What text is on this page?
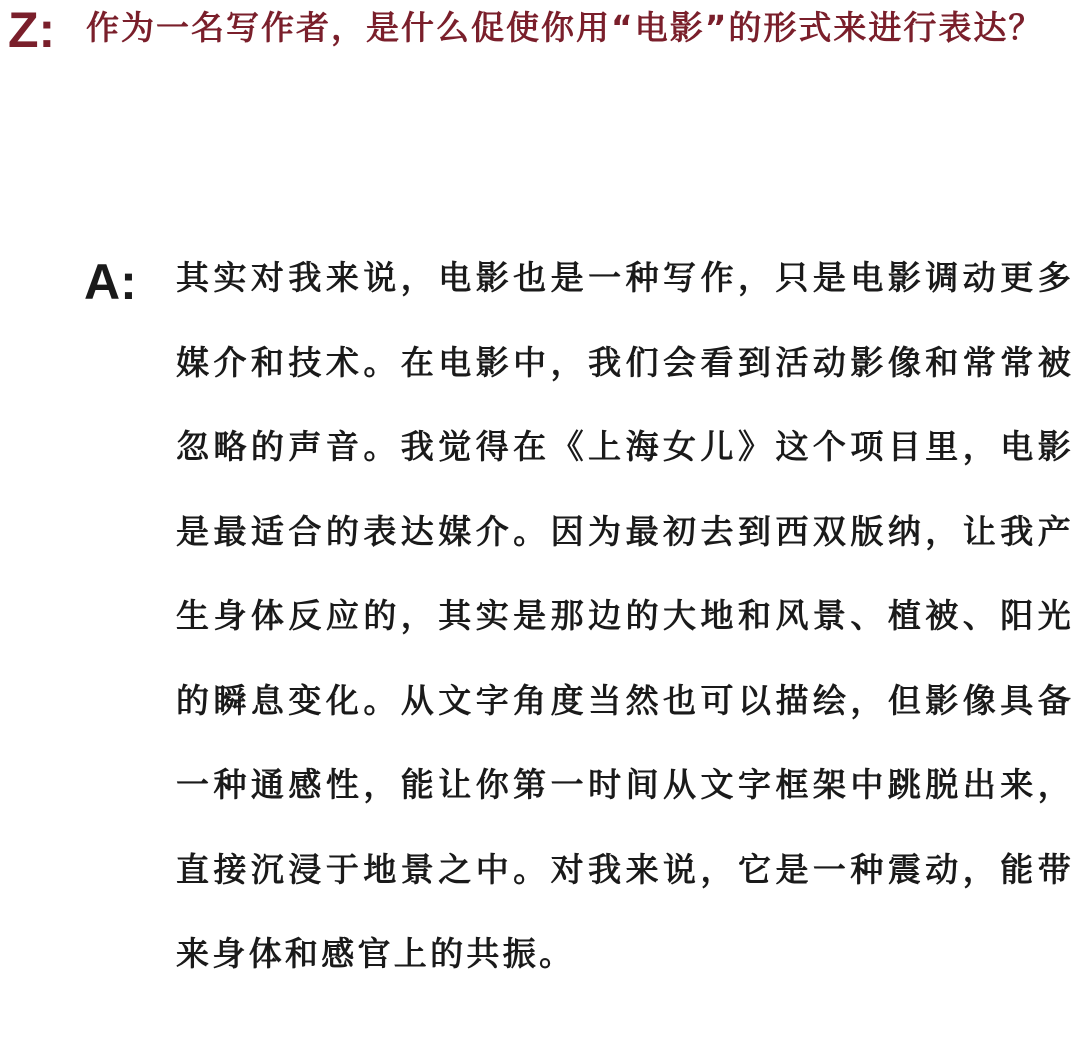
Z: 作为一名写作者，是什么促使你用“电影”的形式来进行表达？
A:	其实对我来说，电影也是一种写作，只是电影调动更多媒介和技术。在电影中，我们会看到活动影像和常常被忽略的声音。我觉得在《上海女儿》这个项目里，电影是最适合的表达媒介。因为最初去到西双版纳，让我产生身体反应的，其实是那边的大地和风景、植被、阳光的瞬息变化。从文字角度当然也可以描绘，但影像具备一种通感性，能让你第一时间从文字框架中跳脱出来，直接沉浸于地景之中。对我来说，它是一种震动，能带来身体和感官上的共振。
